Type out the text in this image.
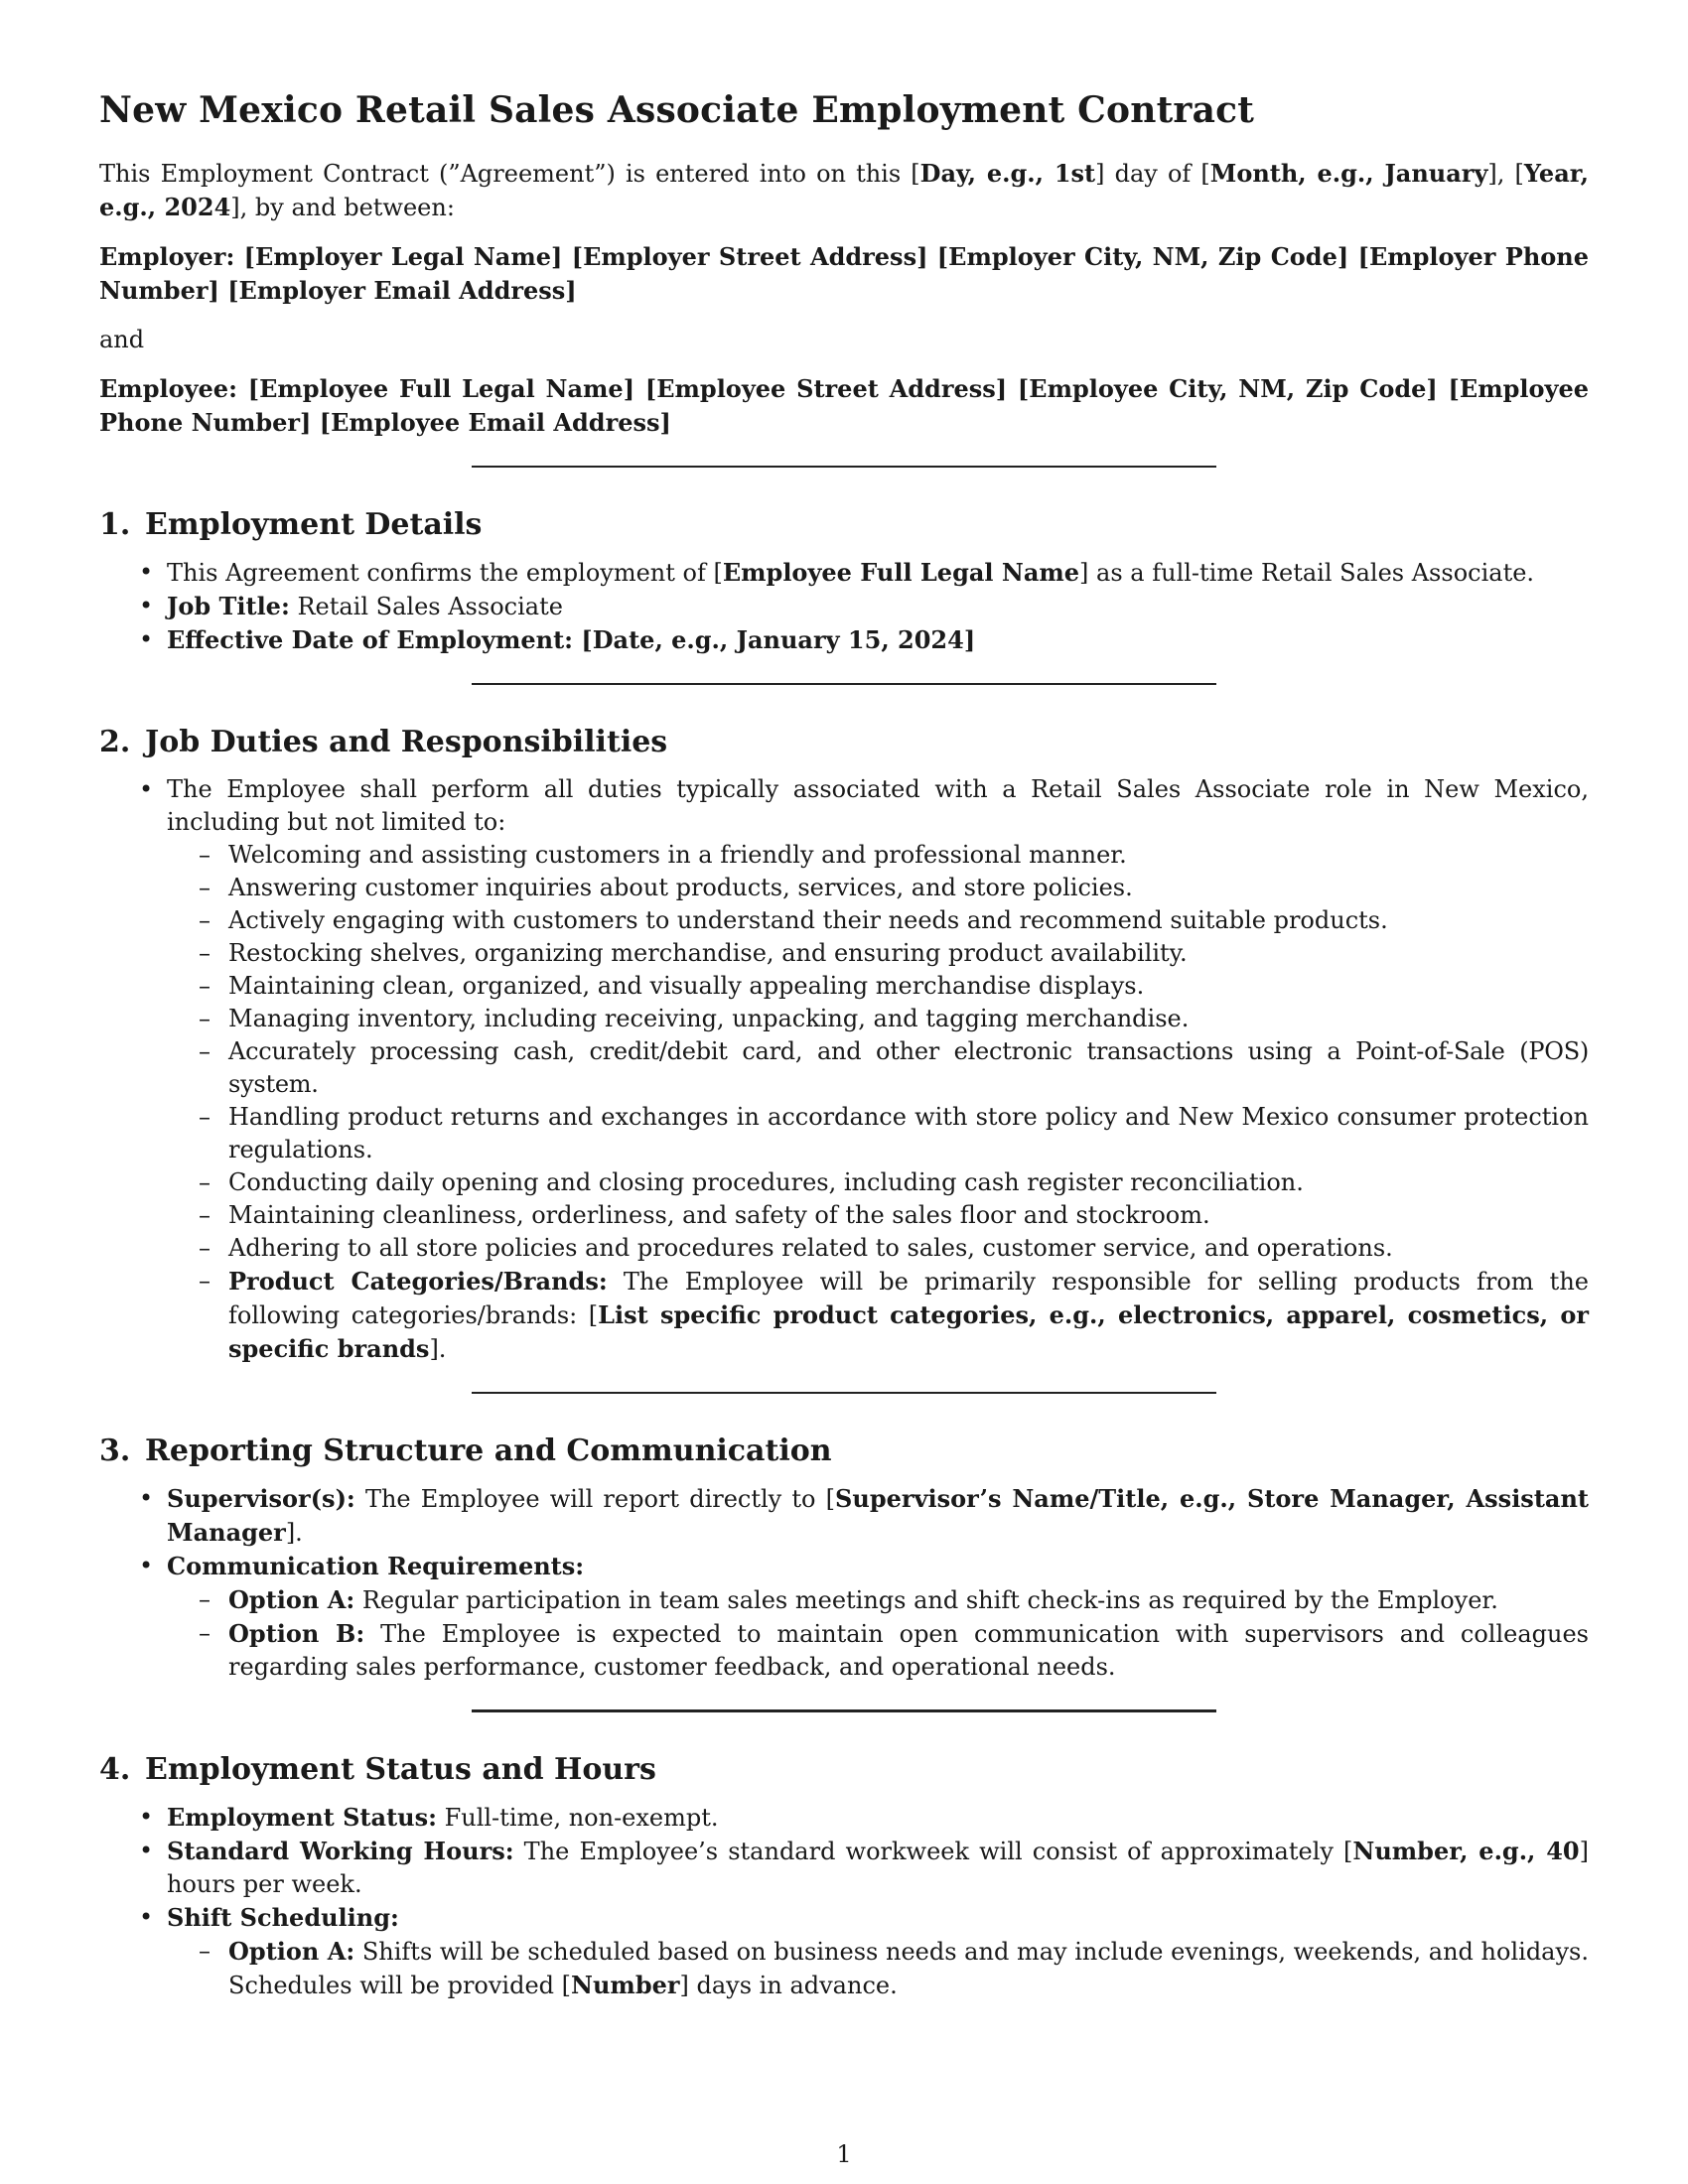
New Mexico Retail Sales Associate Employment Contract

This Employment Contract (”Agreement”) is entered into on this [Day, e.g., 1st] day of [Month, e.g., January], [Year, e.g., 2024], by and between:

Employer: [Employer Legal Name] [Employer Street Address] [Employer City, NM, Zip Code] [Employer Phone Number] [Employer Email Address]

and

Employee: [Employee Full Legal Name] [Employee Street Address] [Employee City, NM, Zip Code] [Employee Phone Number] [Employee Email Address]

1. Employment Details
• This Agreement confirms the employment of [Employee Full Legal Name] as a full-time Retail Sales Associate.
• Job Title: Retail Sales Associate
• Effective Date of Employment: [Date, e.g., January 15, 2024]
2. Job Duties and Responsibilities
• The Employee shall perform all duties typically associated with a Retail Sales Associate role in New Mexico, including but not limited to:
– Welcoming and assisting customers in a friendly and professional manner.
– Answering customer inquiries about products, services, and store policies.
– Actively engaging with customers to understand their needs and recommend suitable products.
– Restocking shelves, organizing merchandise, and ensuring product availability.
– Maintaining clean, organized, and visually appealing merchandise displays.
– Managing inventory, including receiving, unpacking, and tagging merchandise.
– Accurately processing cash, credit/debit card, and other electronic transactions using a Point-of-Sale (POS) system.
– Handling product returns and exchanges in accordance with store policy and New Mexico consumer protection regulations.
– Conducting daily opening and closing procedures, including cash register reconciliation.
– Maintaining cleanliness, orderliness, and safety of the sales floor and stockroom.
– Adhering to all store policies and procedures related to sales, customer service, and operations.
– Product Categories/Brands: The Employee will be primarily responsible for selling products from the following categories/brands: [List specific product categories, e.g., electronics, apparel, cosmetics, or specific brands].
3. Reporting Structure and Communication
• Supervisor(s): The Employee will report directly to [Supervisor’s Name/Title, e.g., Store Manager, Assistant Manager].
• Communication Requirements:
– Option A: Regular participation in team sales meetings and shift check-ins as required by the Employer.
– Option B: The Employee is expected to maintain open communication with supervisors and colleagues regarding sales performance, customer feedback, and operational needs.
4. Employment Status and Hours
• Employment Status: Full-time, non-exempt.
• Standard Working Hours: The Employee’s standard workweek will consist of approximately [Number, e.g., 40] hours per week.
• Shift Scheduling:
– Option A: Shifts will be scheduled based on business needs and may include evenings, weekends, and holidays. Schedules will be provided [Number] days in advance.
1
